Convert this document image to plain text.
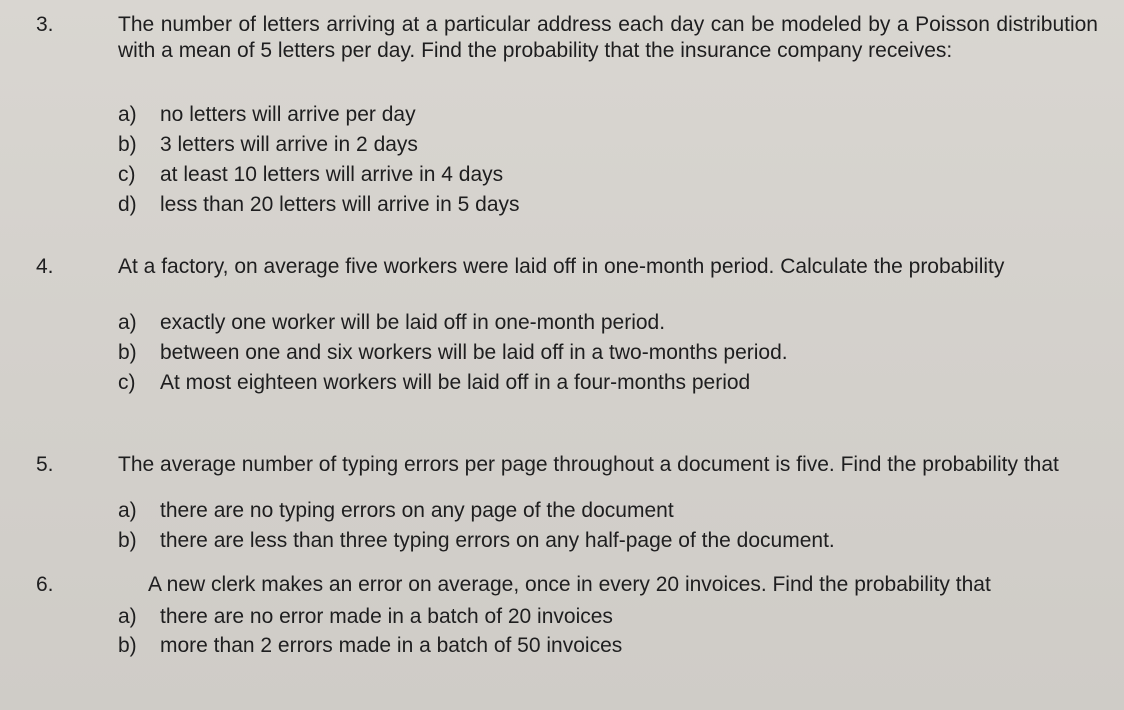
3.	The number of letters arriving at a particular address each day can be modeled by a Poisson distribution with a mean of 5 letters per day. Find the probability that the insurance company receives:
a)	no letters will arrive per day
b)	3 letters will arrive in 2 days
c)	at least 10 letters will arrive in 4 days
d)	less than 20 letters will arrive in 5 days
4.	At a factory, on average five workers were laid off in one-month period. Calculate the probability
a)	exactly one worker will be laid off in one-month period.
b)	between one and six workers will be laid off in a two-months period.
c)	At most eighteen workers will be laid off in a four-months period
5.	The average number of typing errors per page throughout a document is five. Find the probability that
a)	there are no typing errors on any page of the document
b)	there are less than three typing errors on any half-page of the document.
6.	A new clerk makes an error on average, once in every 20 invoices. Find the probability that
a)	there are no error made in a batch of 20 invoices
b)	more than 2 errors made in a batch of 50 invoices
